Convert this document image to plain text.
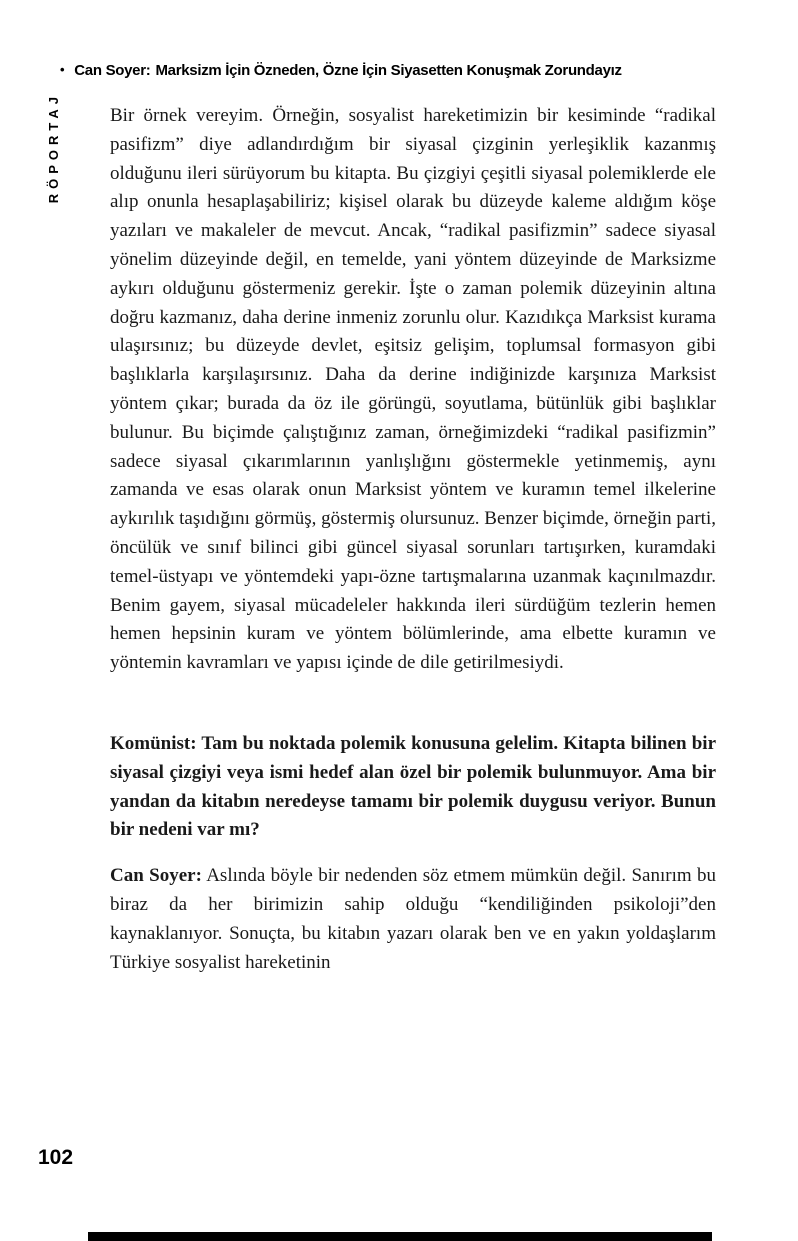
• Can Soyer: Marksizm İçin Özneden, Özne İçin Siyasetten Konuşmak Zorundayız
RÖPORTAJ	Bir örnek vereyim. Örneğin, sosyalist hareketimizin bir kesiminde “radikal pasifizm” diye adlandırdığım bir siyasal çizginin yerleşiklik kazanmış olduğunu ileri sürüyorum bu kitapta. Bu çizgiyi çeşitli siyasal polemiklerde ele alıp onunla hesaplaşabiliriz; kişisel olarak bu düzeyde kaleme aldığım köşe yazıları ve makaleler de mevcut. Ancak, “radikal pasifizmin” sadece siyasal yönelim düzeyinde değil, en temelde, yani yöntem düzeyinde de Marksizme aykırı olduğunu göstermeniz gerekir. İşte o zaman polemik düzeyinin altına doğru kazmanız, daha derine inmeniz zorunlu olur. Kazıdıkça Marksist kurama ulaşırsınız; bu düzeyde devlet, eşitsiz gelişim, toplumsal formasyon gibi başlıklarla karşılaşırsınız. Daha da derine indiğinizde karşınıza Marksist yöntem çıkar; burada da öz ile görüngü, soyutlama, bütünlük gibi başlıklar bulunur. Bu biçimde çalıştığınız zaman, örneğimizdeki “radikal pasifizmin” sadece siyasal çıkarımlarının yanlışlığını göstermekle yetinmemiş, aynı zamanda ve esas olarak onun Marksist yöntem ve kuramın temel ilkelerine aykırılık taşıdığını görmüş, göstermiş olursunuz. Benzer biçimde, örneğin parti, öncülük ve sınıf bilinci gibi güncel siyasal sorunları tartışırken, kuramdaki temel-üstyapı ve yöntemdeki yapı-özne tartışmalarına uzanmak kaçınılmazdır. Benim gayem, siyasal mücadeleler hakkında ileri sürdüğüm tezlerin hemen hemen hepsinin kuram ve yöntem bölümlerinde, ama elbette kuramın ve yöntemin kavramları ve yapısı içinde de dile getirilmesiydi.

Komünist: Tam bu noktada polemik konusuna gelelim. Kitapta bilinen bir siyasal çizgiyi veya ismi hedef alan özel bir polemik bulunmuyor. Ama bir yandan da kitabın neredeyse tamamı bir polemik duygusu veriyor. Bunun bir nedeni var mı?

Can Soyer: Aslında böyle bir nedenden söz etmem mümkün değil. Sanırım bu biraz da her birimizin sahip olduğu “kendiliğinden psikoloji”den kaynaklanıyor. Sonuçta, bu kitabın yazarı olarak ben ve en yakın yoldaşlarım Türkiye sosyalist hareketinin

102
